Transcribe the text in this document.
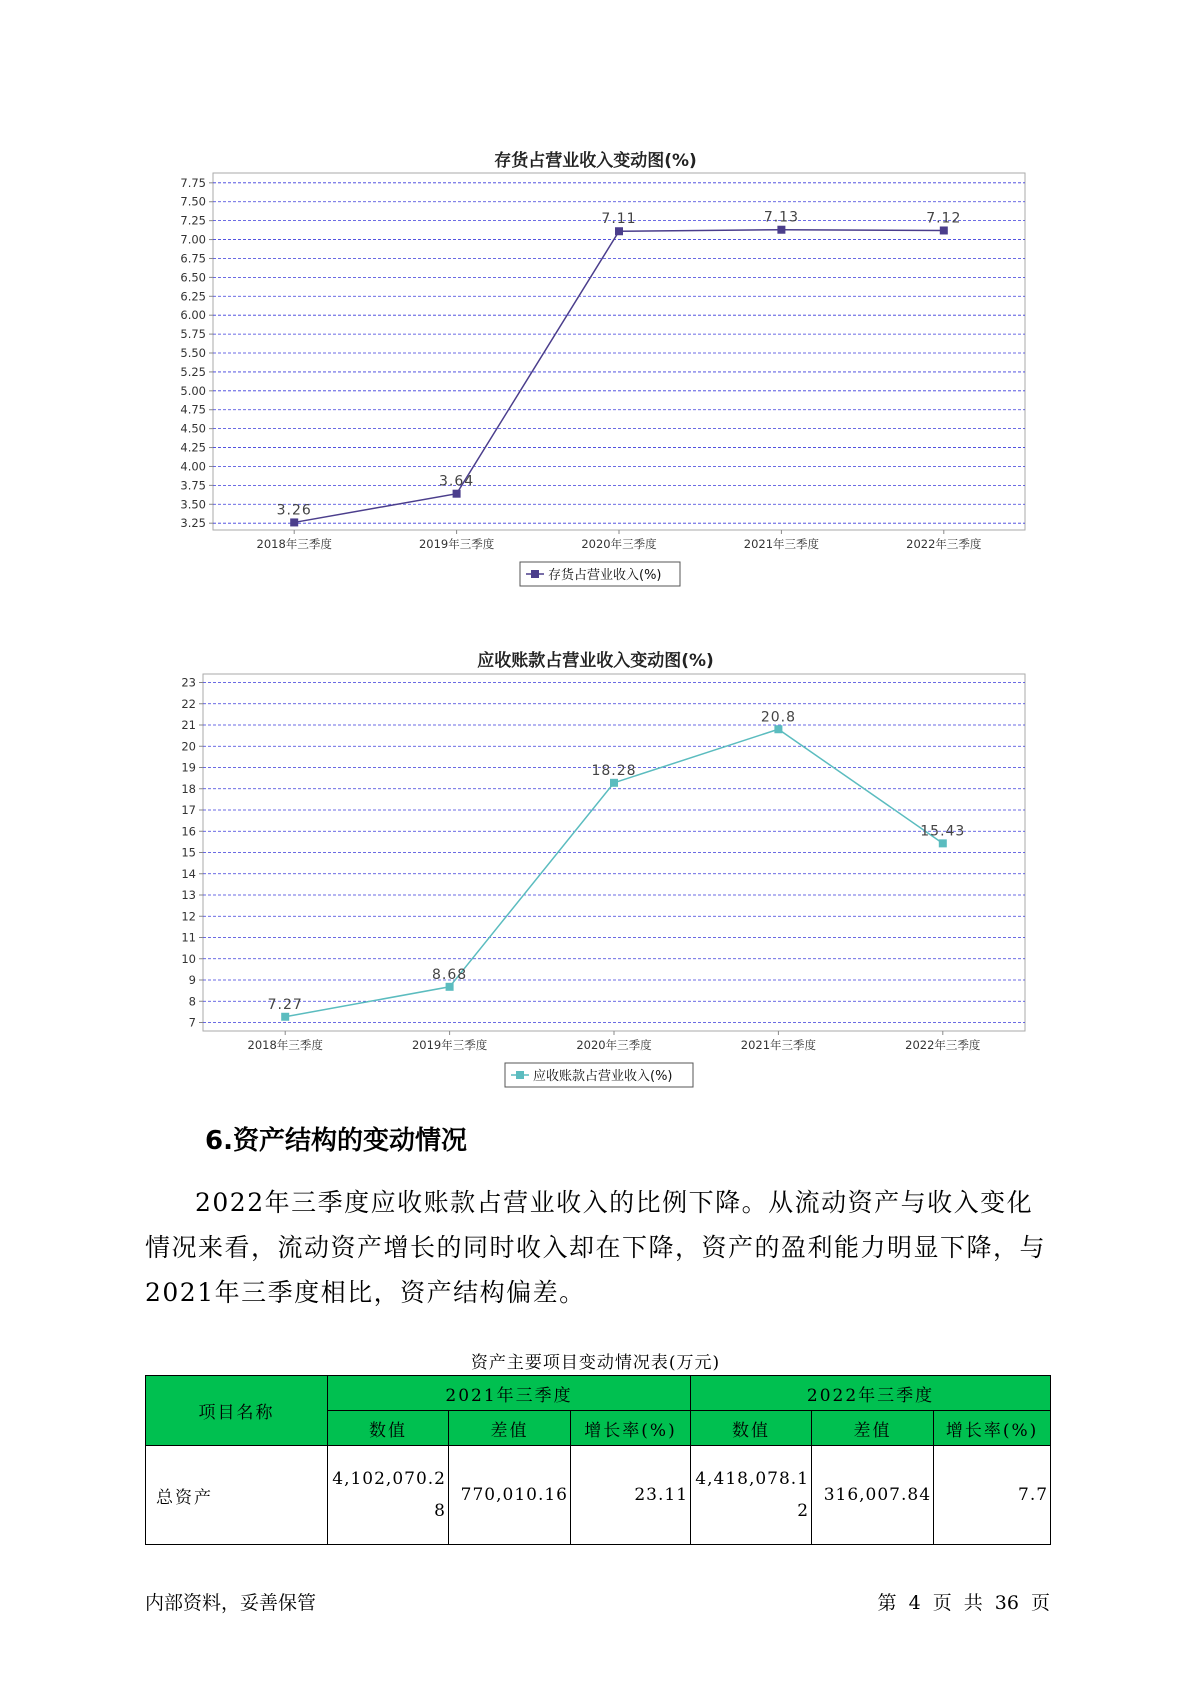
存货占营业收入变动图(%)
3.25
3.50
3.75
4.00
4.25
4.50
4.75
5.00
5.25
5.50
5.75
6.00
6.25
6.50
6.75
7.00
7.25
7.50
7.75
2018年三季度	2019年三季度	2020年三季度	2021年三季度	2022年三季度
3.26
3.64
7.11	7.13	7.12
存货占营业收入(%)
应收账款占营业收入变动图(%)
7
8
9
10
11
12
13
14
15
16
17
18
19
20
21
22
23
2018年三季度	2019年三季度	2020年三季度	2021年三季度	2022年三季度
7.27
8.68
18.28
20.8
15.43
应收账款占营业收入(%)
6.资产结构的变动情况
2022年三季度应收账款占营业收入的比例下降。从流动资产与收入变化情况来看，流动资产增长的同时收入却在下降，资产的盈利能力明显下降，与2021年三季度相比，资产结构偏差。
资产主要项目变动情况表(万元)
项目名称	2021年三季度			2022年三季度		
	数值	差值	增长率(%)	数值	差值	增长率(%)
总资产	4,102,070.28	770,010.16	23.11	4,418,078.12	316,007.84	7.7
内部资料，妥善保管	第 4 页 共 36 页
